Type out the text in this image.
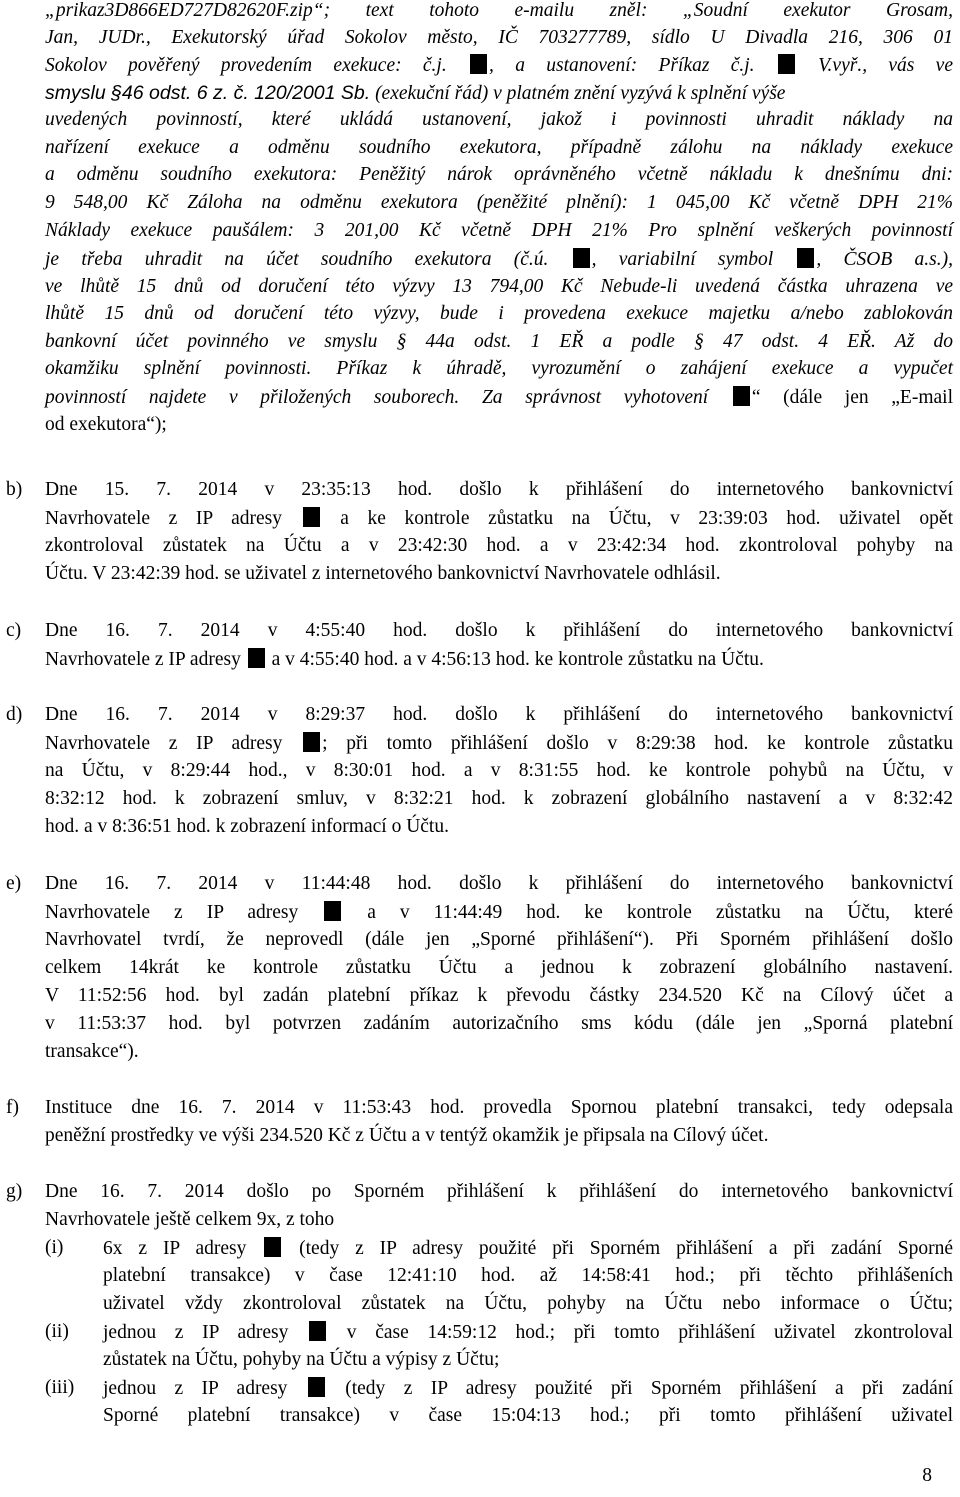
„prikaz3D866ED727D82620F.zip“; text tohoto e-mailu zněl: „Soudní exekutor Grosam,
Jan, JUDr., Exekutorský úřad Sokolov město, IČ 703277789, sídlo U Divadla 216, 306 01
Sokolov pověřený provedením exekuce: č.j. , a ustanovení: Příkaz č.j.  V.vyř., vás ve
smyslu §46 odst. 6 z. č. 120/2001 Sb. (exekuční řád) v platném znění vyzývá k splnění výše
uvedených povinností, které ukládá ustanovení, jakož i povinnosti uhradit náklady na
nařízení exekuce a odměnu soudního exekutora, případně zálohu na náklady exekuce
a odměnu soudního exekutora: Peněžitý nárok oprávněného včetně nákladu k dnešnímu dni:
9 548,00 Kč Záloha na odměnu exekutora (peněžité plnění): 1 045,00 Kč včetně DPH 21%
Náklady exekuce paušálem: 3 201,00 Kč včetně DPH 21% Pro splnění veškerých povinností
je třeba uhradit na účet soudního exekutora (č.ú. , variabilní symbol , ČSOB a.s.),
ve lhůtě 15 dnů od doručení této výzvy 13 794,00 Kč Nebude-li uvedená částka uhrazena ve
lhůtě 15 dnů od doručení této výzvy, bude i provedena exekuce majetku a/nebo zablokován
bankovní účet povinného ve smyslu § 44a odst. 1 EŘ a podle § 47 odst. 4 EŘ. Až do
okamžiku splnění povinnosti. Příkaz k úhradě, vyrozumění o zahájení exekuce a vypučet
povinností najdete v přiložených souborech. Za správnost vyhotovení “ (dále jen „E-mail
od exekutora“);
b) Dne 15. 7. 2014 v 23:35:13 hod. došlo k přihlášení do internetového bankovnictví
Navrhovatele z IP adresy  a ke kontrole zůstatku na Účtu, v 23:39:03 hod. uživatel opět
zkontroloval zůstatek na Účtu a v 23:42:30 hod. a v 23:42:34 hod. zkontroloval pohyby na
Účtu. V 23:42:39 hod. se uživatel z internetového bankovnictví Navrhovatele odhlásil.
c) Dne 16. 7. 2014 v 4:55:40 hod. došlo k přihlášení do internetového bankovnictví
Navrhovatele z IP adresy  a v 4:55:40 hod. a v 4:56:13 hod. ke kontrole zůstatku na Účtu.
d) Dne 16. 7. 2014 v 8:29:37 hod. došlo k přihlášení do internetového bankovnictví
Navrhovatele z IP adresy ; při tomto přihlášení došlo v 8:29:38 hod. ke kontrole zůstatku
na Účtu, v 8:29:44 hod., v 8:30:01 hod. a v 8:31:55 hod. ke kontrole pohybů na Účtu, v
8:32:12 hod. k zobrazení smluv, v 8:32:21 hod. k zobrazení globálního nastavení a v 8:32:42
hod. a v 8:36:51 hod. k zobrazení informací o Účtu.
e) Dne 16. 7. 2014 v 11:44:48 hod. došlo k přihlášení do internetového bankovnictví
Navrhovatele z IP adresy  a v 11:44:49 hod. ke kontrole zůstatku na Účtu, které
Navrhovatel tvrdí, že neprovedl (dále jen „Sporné přihlášení“). Při Sporném přihlášení došlo
celkem 14krát ke kontrole zůstatku Účtu a jednou k zobrazení globálního nastavení.
V 11:52:56 hod. byl zadán platební příkaz k převodu částky 234.520 Kč na Cílový účet a
v 11:53:37 hod. byl potvrzen zadáním autorizačního sms kódu (dále jen „Sporná platební
transakce“).
f) Instituce dne 16. 7. 2014 v 11:53:43 hod. provedla Spornou platební transakci, tedy odepsala
peněžní prostředky ve výši 234.520 Kč z Účtu a v tentýž okamžik je připsala na Cílový účet.
g) Dne 16. 7. 2014 došlo po Sporném přihlášení k přihlášení do internetového bankovnictví
Navrhovatele ještě celkem 9x, z toho
(i) 6x z IP adresy  (tedy z IP adresy použité při Sporném přihlášení a při zadání Sporné
platební transakce) v čase 12:41:10 hod. až 14:58:41 hod.; při těchto přihlášeních
uživatel vždy zkontroloval zůstatek na Účtu, pohyby na Účtu nebo informace o Účtu;
(ii) jednou z IP adresy  v čase 14:59:12 hod.; při tomto přihlášení uživatel zkontroloval
zůstatek na Účtu, pohyby na Účtu a výpisy z Účtu;
(iii) jednou z IP adresy  (tedy z IP adresy použité při Sporném přihlášení a při zadání
Sporné platební transakce) v čase 15:04:13 hod.; při tomto přihlášení uživatel
8
